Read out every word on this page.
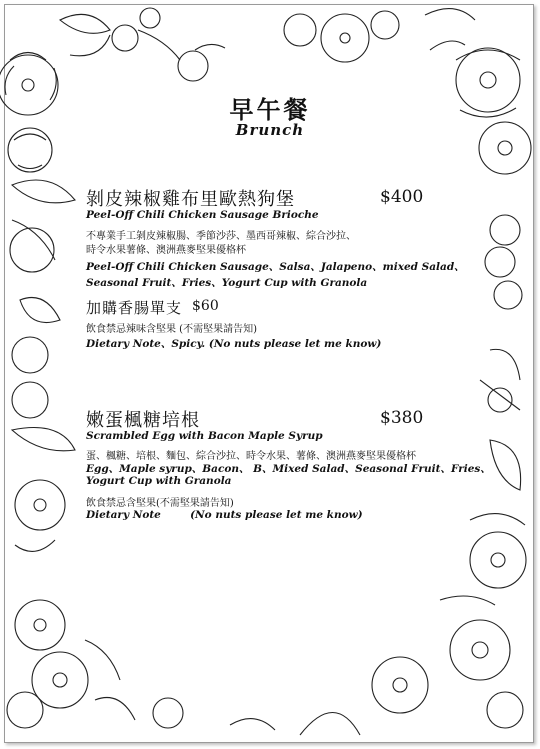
早午餐
Brunch
剝皮辣椒雞布里歐熱狗堡	$400
Peel-Off Chili Chicken Sausage Brioche
不專業手工剝皮辣椒腸、季節沙莎、墨西哥辣椒、綜合沙拉、
時令水果薯條、澳洲燕麥堅果優格杯
Peel-Off Chili Chicken Sausage、Salsa、Jalapeno、mixed Salad、
Seasonal Fruit、Fries、Yogurt Cup with Granola
加購香腸單支 $60
飲食禁忌辣味含堅果 (不需堅果請告知)
Dietary Note、Spicy. (No nuts please let me know)
嫩蛋楓糖培根	$380
Scrambled Egg with Bacon Maple Syrup
蛋、楓糖、培根、麵包、綜合沙拉、時令水果、薯條、澳洲燕麥堅果優格杯
Egg、Maple syrup、Bacon、 B、Mixed Salad、Seasonal Fruit、Fries、
Yogurt Cup with Granola
飲食禁忌含堅果(不需堅果請告知)
Dietary Note        (No nuts please let me know)
